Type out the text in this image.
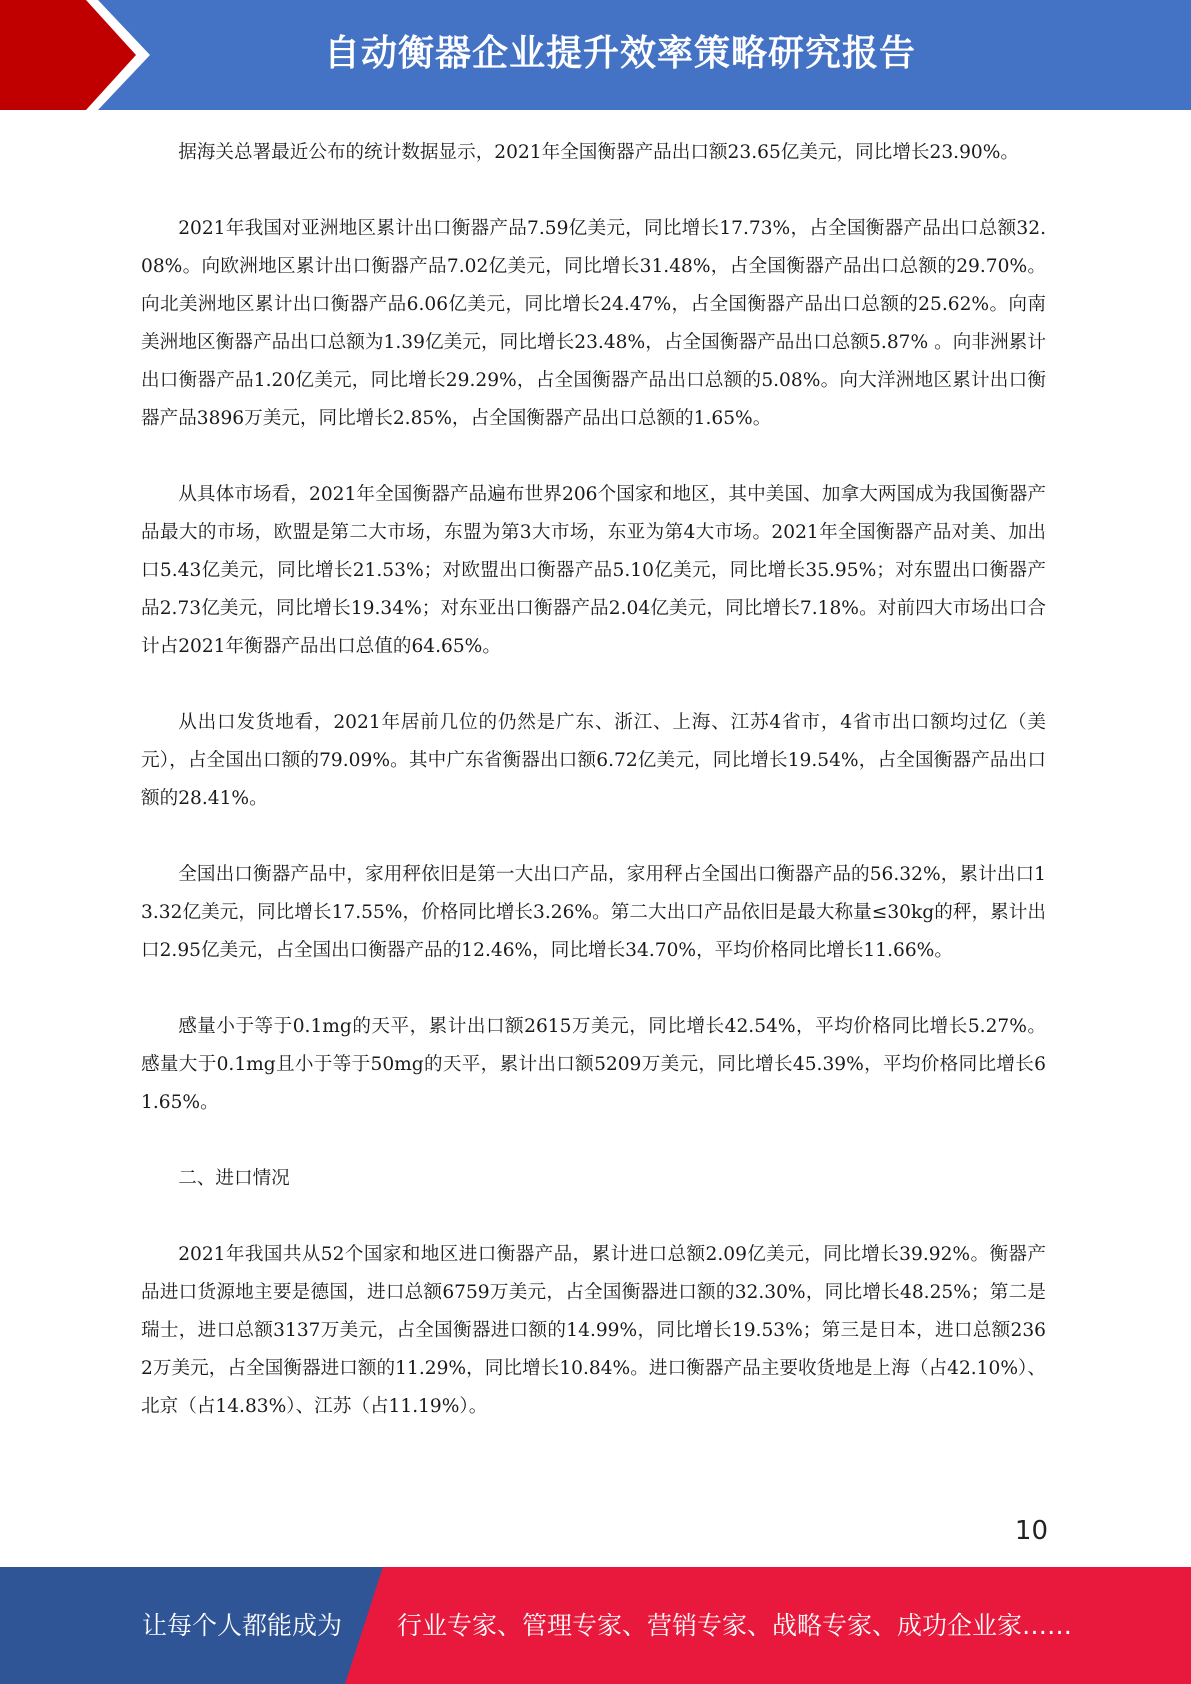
自动衡器企业提升效率策略研究报告

据海关总署最近公布的统计数据显示，2021年全国衡器产品出口额23.65亿美元，同比增长23.90%。

2021年我国对亚洲地区累计出口衡器产品7.59亿美元，同比增长17.73%，占全国衡器产品出口总额32.08%。向欧洲地区累计出口衡器产品7.02亿美元，同比增长31.48%，占全国衡器产品出口总额的29.70%。向北美洲地区累计出口衡器产品6.06亿美元，同比增长24.47%，占全国衡器产品出口总额的25.62%。向南美洲地区衡器产品出口总额为1.39亿美元，同比增长23.48%，占全国衡器产品出口总额5.87% 。向非洲累计出口衡器产品1.20亿美元，同比增长29.29%，占全国衡器产品出口总额的5.08%。向大洋洲地区累计出口衡器产品3896万美元，同比增长2.85%，占全国衡器产品出口总额的1.65%。

从具体市场看，2021年全国衡器产品遍布世界206个国家和地区，其中美国、加拿大两国成为我国衡器产品最大的市场，欧盟是第二大市场，东盟为第3大市场，东亚为第4大市场。2021年全国衡器产品对美、加出口5.43亿美元，同比增长21.53%；对欧盟出口衡器产品5.10亿美元，同比增长35.95%；对东盟出口衡器产品2.73亿美元，同比增长19.34%；对东亚出口衡器产品2.04亿美元，同比增长7.18%。对前四大市场出口合计占2021年衡器产品出口总值的64.65%。

从出口发货地看，2021年居前几位的仍然是广东、浙江、上海、江苏4省市，4省市出口额均过亿（美元），占全国出口额的79.09%。其中广东省衡器出口额6.72亿美元，同比增长19.54%，占全国衡器产品出口额的28.41%。

全国出口衡器产品中，家用秤依旧是第一大出口产品，家用秤占全国出口衡器产品的56.32%，累计出口13.32亿美元，同比增长17.55%，价格同比增长3.26%。第二大出口产品依旧是最大称量≤30kg的秤，累计出口2.95亿美元，占全国出口衡器产品的12.46%，同比增长34.70%，平均价格同比增长11.66%。

感量小于等于0.1mg的天平，累计出口额2615万美元，同比增长42.54%，平均价格同比增长5.27%。感量大于0.1mg且小于等于50mg的天平，累计出口额5209万美元，同比增长45.39%，平均价格同比增长61.65%。

二、进口情况

2021年我国共从52个国家和地区进口衡器产品，累计进口总额2.09亿美元，同比增长39.92%。衡器产品进口货源地主要是德国，进口总额6759万美元，占全国衡器进口额的32.30%，同比增长48.25%；第二是瑞士，进口总额3137万美元，占全国衡器进口额的14.99%，同比增长19.53%；第三是日本，进口总额2362万美元，占全国衡器进口额的11.29%，同比增长10.84%。进口衡器产品主要收货地是上海（占42.10%）、北京（占14.83%）、江苏（占11.19%）。

10
让每个人都能成为 行业专家、管理专家、营销专家、战略专家、成功企业家……
